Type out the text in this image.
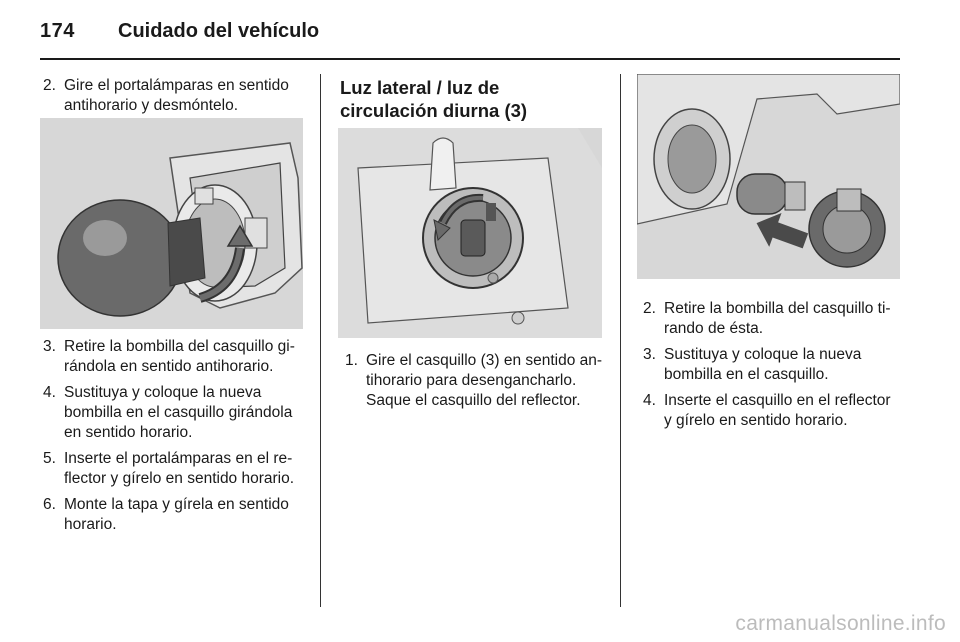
174 Cuidado del vehículo
2. Gire el portalámparas en sentido antihorario y desmóntelo.
3. Retire la bombilla del casquillo gi-rándola en sentido antihorario.
4. Sustituya y coloque la nueva bombilla en el casquillo girándola en sentido horario.
5. Inserte el portalámparas en el re-flector y gírelo en sentido horario.
6. Monte la tapa y gírela en sentido horario.
Luz lateral / luz de circulación diurna (3)
1. Gire el casquillo (3) en sentido an-tihorario para desengancharlo. Saque el casquillo del reflector.
2. Retire la bombilla del casquillo ti-rando de ésta.
3. Sustituya y coloque la nueva bombilla en el casquillo.
4. Inserte el casquillo en el reflector y gírelo en sentido horario.
carmanualsonline.info
